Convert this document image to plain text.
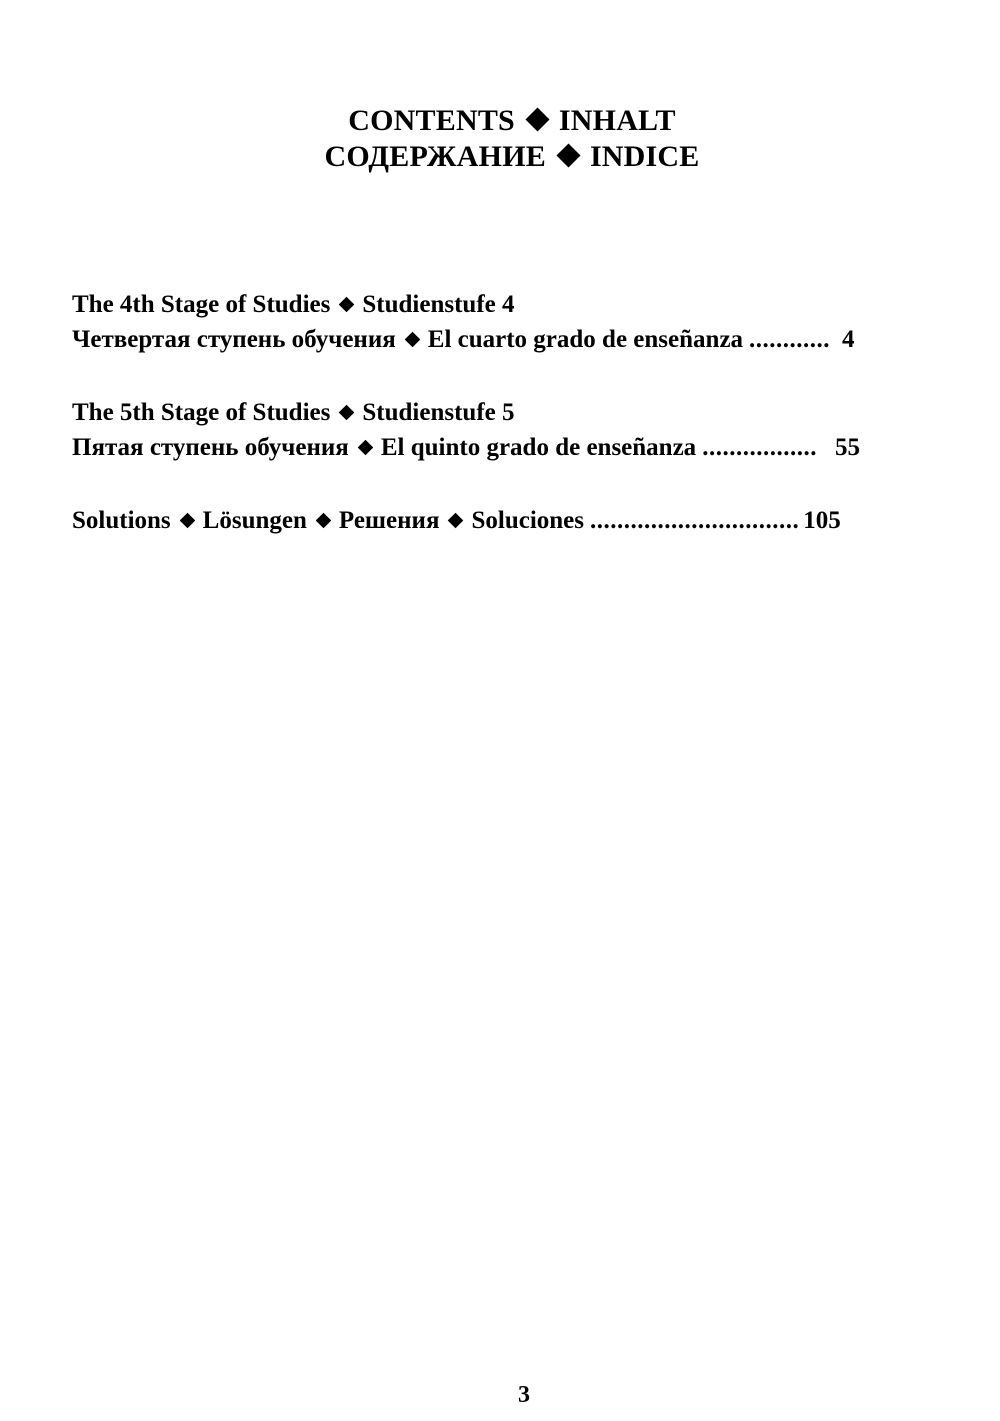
CONTENTS INHALT
СОДЕРЖАНИЕ INDICE
The 4th Stage of Studies Studienstufe 4
Четвертая ступень обучения El cuarto grado de enseñanza ............ 4
The 5th Stage of Studies Studienstufe 5
Пятая ступень обучения El quinto grado de enseñanza ................. 55
Solutions Lösungen Решения Soluciones ............................... 105
3
